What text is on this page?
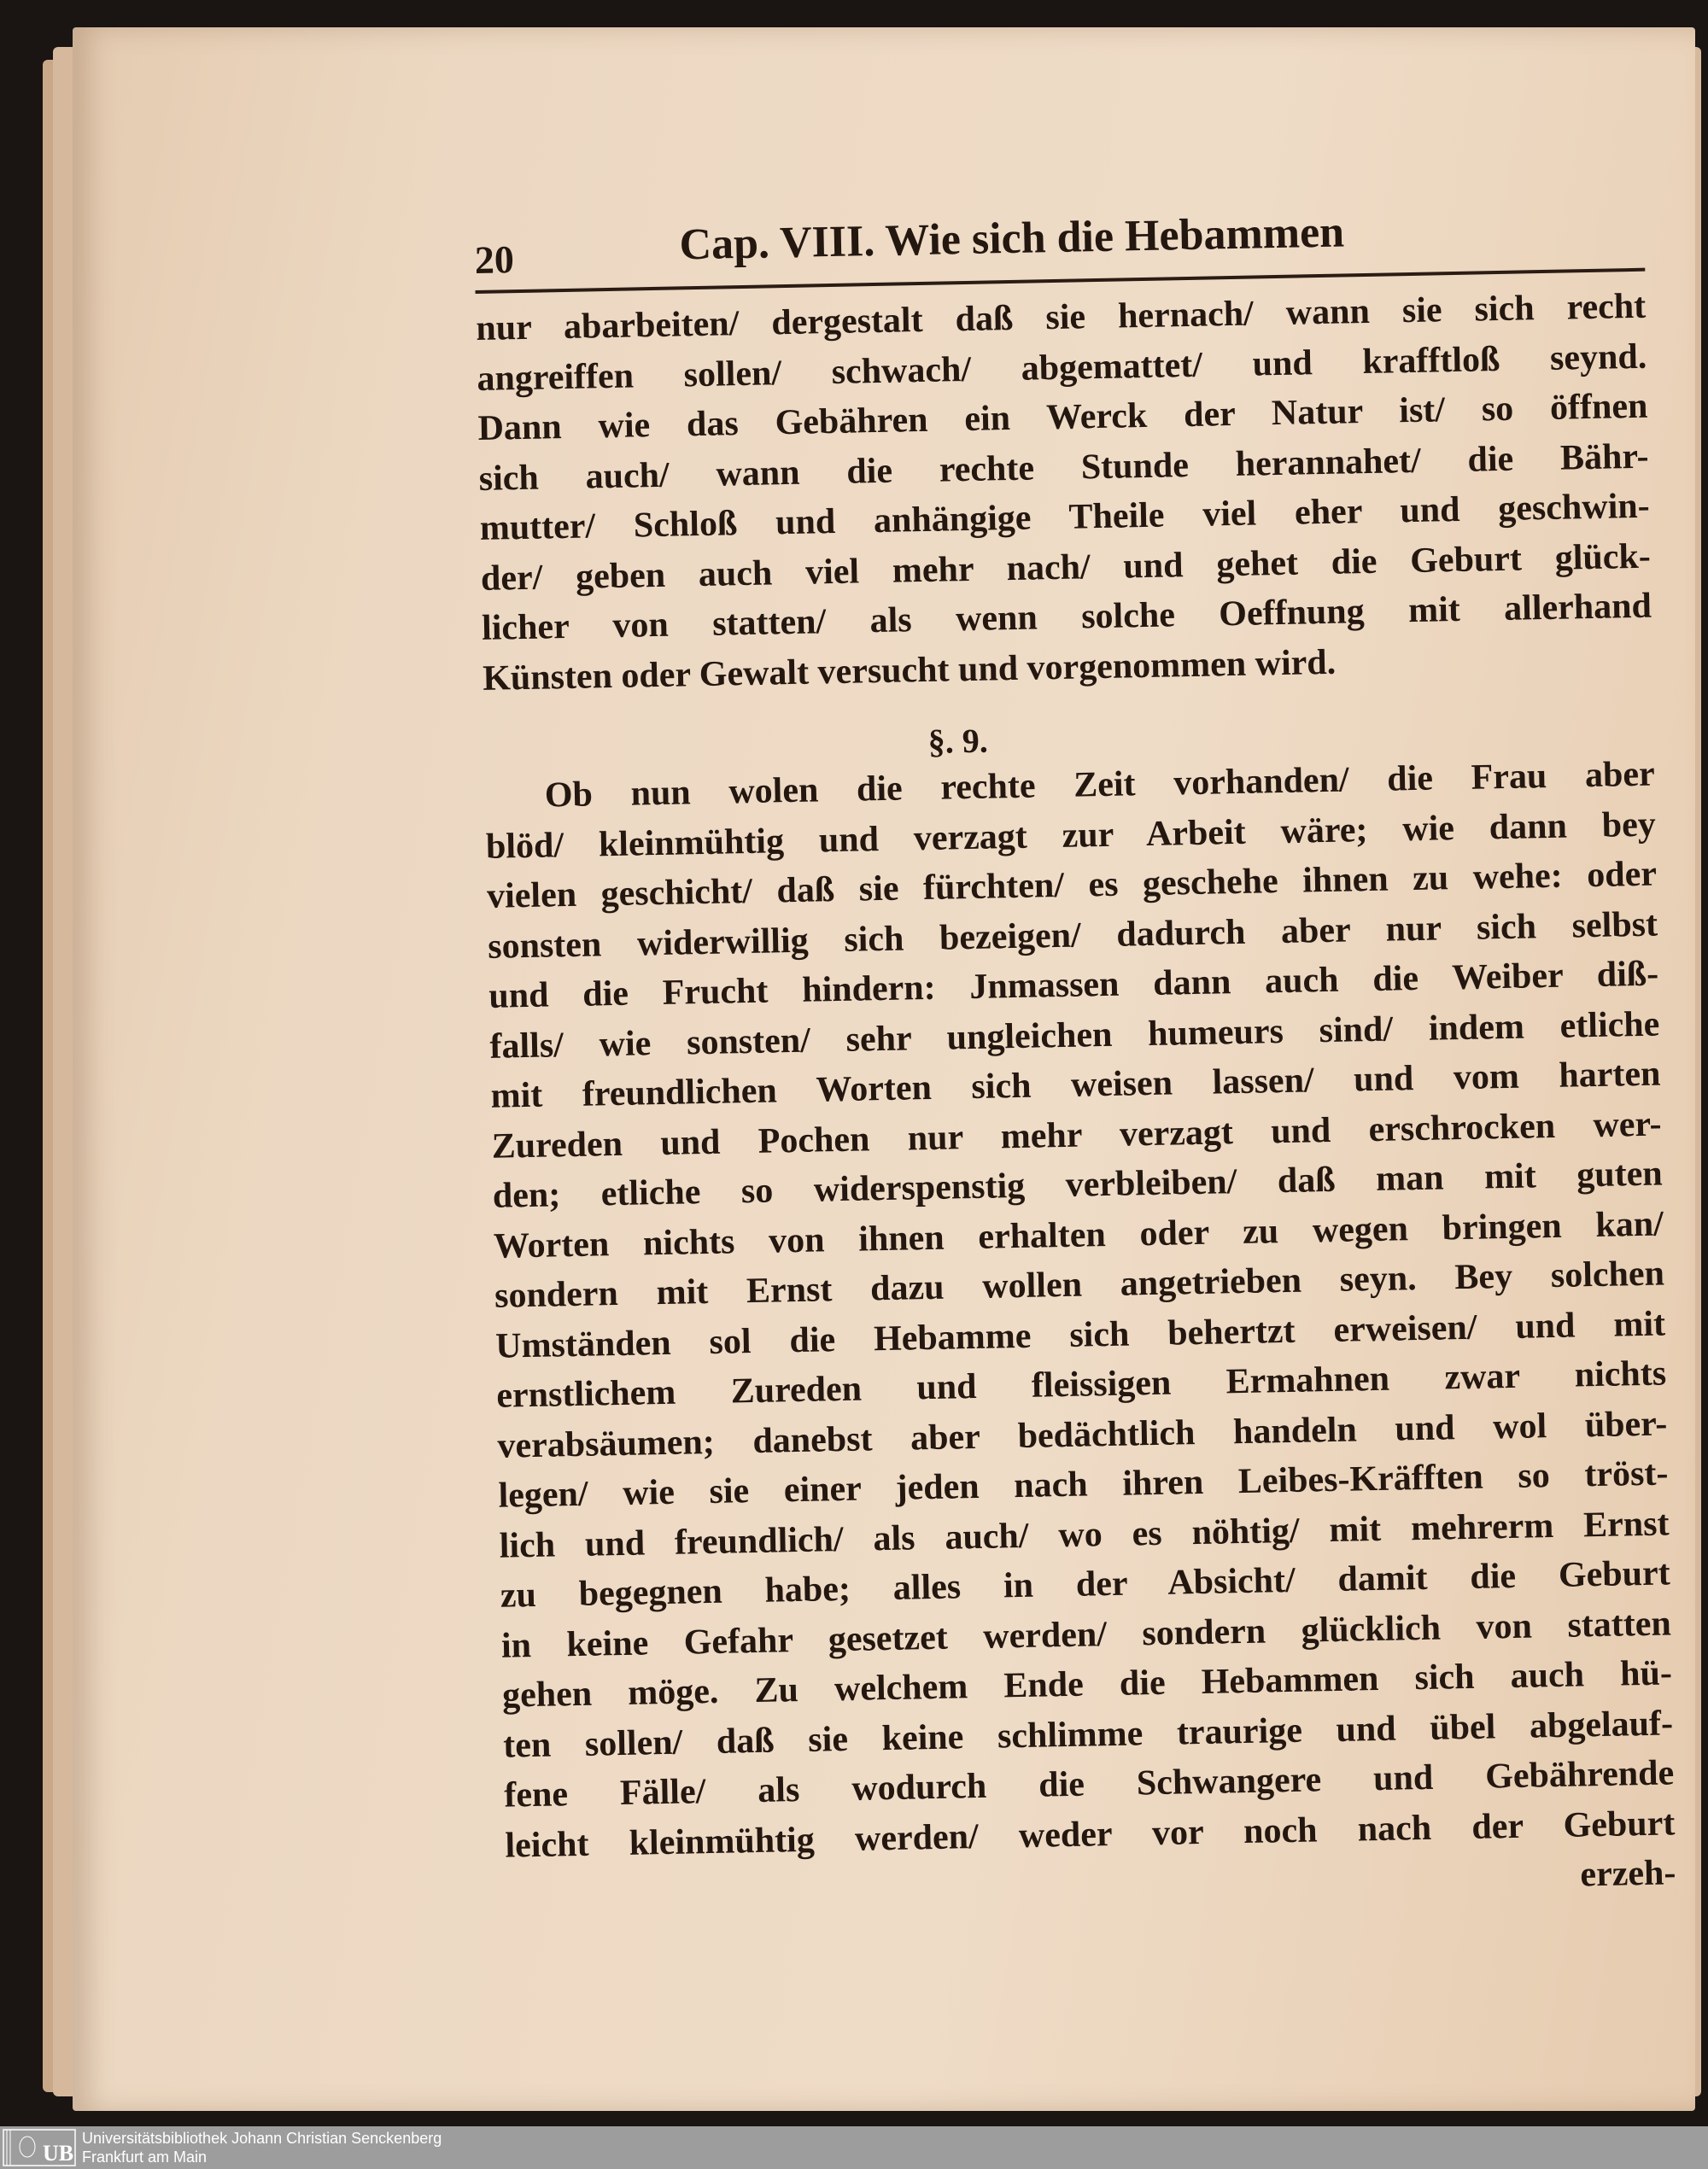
20	Cap. VIII. Wie sich die Hebammen
nur abarbeiten/ dergestalt daß sie hernach/ wann sie sich recht
angreiffen sollen/ schwach/ abgemattet/ und krafftloß seynd.
Dann wie das Gebähren ein Werck der Natur ist/ so öffnen
sich auch/ wann die rechte Stunde herannahet/ die Bähr-
mutter/ Schloß und anhängige Theile viel eher und geschwin-
der/ geben auch viel mehr nach/ und gehet die Geburt glück-
licher von statten/ als wenn solche Oeffnung mit allerhand
Künsten oder Gewalt versucht und vorgenommen wird.
§. 9.
Ob nun wolen die rechte Zeit vorhanden/ die Frau aber
blöd/ kleinmühtig und verzagt zur Arbeit wäre; wie dann bey
vielen geschicht/ daß sie fürchten/ es geschehe ihnen zu wehe: oder
sonsten widerwillig sich bezeigen/ dadurch aber nur sich selbst
und die Frucht hindern: Jnmassen dann auch die Weiber diß-
falls/ wie sonsten/ sehr ungleichen humeurs sind/ indem etliche
mit freundlichen Worten sich weisen lassen/ und vom harten
Zureden und Pochen nur mehr verzagt und erschrocken wer-
den; etliche so widerspenstig verbleiben/ daß man mit guten
Worten nichts von ihnen erhalten oder zu wegen bringen kan/
sondern mit Ernst dazu wollen angetrieben seyn. Bey solchen
Umständen sol die Hebamme sich behertzt erweisen/ und mit
ernstlichem Zureden und fleissigen Ermahnen zwar nichts
verabsäumen; danebst aber bedächtlich handeln und wol über-
legen/ wie sie einer jeden nach ihren Leibes-Kräfften so tröst-
lich und freundlich/ als auch/ wo es nöhtig/ mit mehrerm Ernst
zu begegnen habe; alles in der Absicht/ damit die Geburt
in keine Gefahr gesetzet werden/ sondern glücklich von statten
gehen möge. Zu welchem Ende die Hebammen sich auch hü-
ten sollen/ daß sie keine schlimme traurige und übel abgelauf-
fene Fälle/ als wodurch die Schwangere und Gebährende
leicht kleinmühtig werden/ weder vor noch nach der Geburt
erzeh-
UB
Universitätsbibliothek Johann Christian Senckenberg
Frankfurt am Main
